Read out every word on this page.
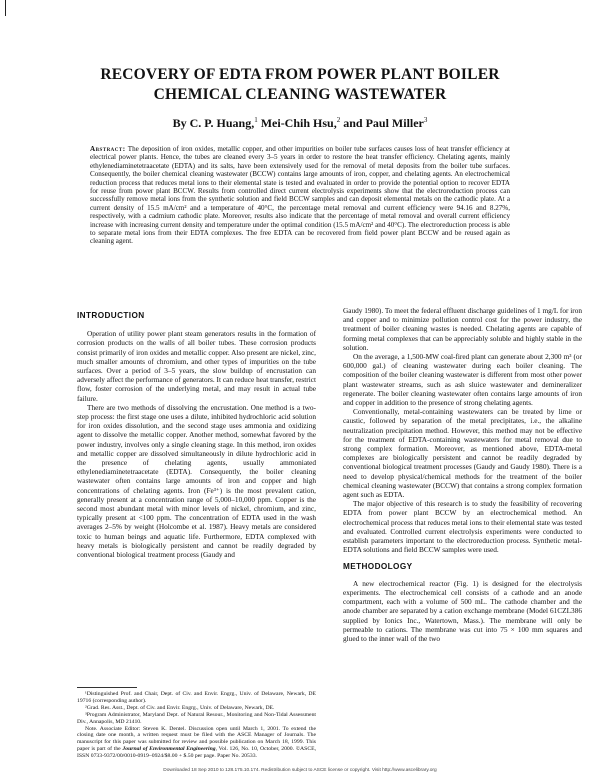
RECOVERY OF EDTA FROM POWER PLANT BOILER CHEMICAL CLEANING WASTEWATER
By C. P. Huang,$^1$ Mei-Chih Hsu,$^2$ and Paul Miller$^3$
Abstract: The deposition of iron oxides, metallic copper, and other impurities on boiler tube surfaces causes loss of heat transfer efficiency at electrical power plants. Hence, the tubes are cleaned every 3–5 years in order to restore the heat transfer efficiency. Chelating agents, mainly ethylenediaminetetraacetate (EDTA) and its salts, have been extensively used for the removal of metal deposits from the boiler tube surfaces. Consequently, the boiler chemical cleaning wastewater (BCCW) contains large amounts of iron, copper, and chelating agents. An electrochemical reduction process that reduces metal ions to their elemental state is tested and evaluated in order to provide the potential option to recover EDTA for reuse from power plant BCCW. Results from controlled direct current electrolysis experiments show that the electroreduction process can successfully remove metal ions from the synthetic solution and field BCCW samples and can deposit elemental metals on the cathodic plate. At a current density of 15.5 mA/cm² and a temperature of 40°C, the percentage metal removal and current efficiency were 94.16 and 8.27%, respectively, with a cadmium cathodic plate. Moreover, results also indicate that the percentage of metal removal and overall current efficiency increase with increasing current density and temperature under the optimal condition (15.5 mA/cm² and 40°C). The electroreduction process is able to separate metal ions from their EDTA complexes. The free EDTA can be recovered from field power plant BCCW and be reused again as cleaning agent.
INTRODUCTION

Operation of utility power plant steam generators results in the formation of corrosion products on the walls of all boiler tubes. These corrosion products consist primarily of iron oxides and metallic copper. Also present are nickel, zinc, much smaller amounts of chromium, and other types of impurities on the tube surfaces. Over a period of 3–5 years, the slow buildup of encrustation can adversely affect the performance of generators. It can reduce heat transfer, restrict flow, foster corrosion of the underlying metal, and may result in actual tube failure.

There are two methods of dissolving the encrustation. One method is a two-step process: the first stage one uses a dilute, inhibited hydrochloric acid solution for iron oxides dissolution, and the second stage uses ammonia and oxidizing agent to dissolve the metallic copper. Another method, somewhat favored by the power industry, involves only a single cleaning stage. In this method, iron oxides and metallic copper are dissolved simultaneously in dilute hydrochloric acid in the presence of chelating agents, usually ammoniated ethylenediaminetetraacetate (EDTA). Consequently, the boiler cleaning wastewater often contains large amounts of iron and copper and high concentrations of chelating agents. Iron (Fe³⁺) is the most prevalent cation, generally present at a concentration range of 5,000–10,000 ppm. Copper is the second most abundant metal with minor levels of nickel, chromium, and zinc, typically present at <100 ppm. The concentration of EDTA used in the wash averages 2–5% by weight (Holcombe et al. 1987). Heavy metals are considered toxic to human beings and aquatic life. Furthermore, EDTA complexed with heavy metals is biologically persistent and cannot be readily degraded by conventional biological treatment process (Gaudy and

¹Distinguished Prof. and Chair, Dept. of Civ. and Envir. Engrg., Univ. of Delaware, Newark, DE 19716 (corresponding author).

²Grad. Res. Asst., Dept. of Civ. and Envir. Engrg., Univ. of Delaware, Newark, DE.

³Program Administrator, Maryland Dept. of Natural Resour., Monitoring and Non-Tidal Assessment Div., Annapolis, MD 21410.

Note. Associate Editor: Steven K. Dentel. Discussion open until March 1, 2001. To extend the closing date one month, a written request must be filed with the ASCE Manager of Journals. The manuscript for this paper was submitted for review and possible publication on March 18, 1999. This paper is part of the Journal of Environmental Engineering, Vol. 126, No. 10, October, 2000. ©ASCE, ISSN 0733-9372/00/0010-0919–0924/$8.00 + $.50 per page. Paper No. 20533.

Gaudy 1980). To meet the federal effluent discharge guidelines of 1 mg/L for iron and copper and to minimize pollution control cost for the power industry, the treatment of boiler cleaning wastes is needed. Chelating agents are capable of forming metal complexes that can be appreciably soluble and highly stable in the solution.

On the average, a 1,500-MW coal-fired plant can generate about 2,300 m³ (or 600,000 gal.) of cleaning wastewater during each boiler cleaning. The composition of the boiler cleaning wastewater is different from most other power plant wastewater streams, such as ash sluice wastewater and demineralizer regenerate. The boiler cleaning wastewater often contains large amounts of iron and copper in addition to the presence of strong chelating agents.

Conventionally, metal-containing wastewaters can be treated by lime or caustic, followed by separation of the metal precipitates, i.e., the alkaline neutralization precipitation method. However, this method may not be effective for the treatment of EDTA-containing wastewaters for metal removal due to strong complex formation. Moreover, as mentioned above, EDTA-metal complexes are biologically persistent and cannot be readily degraded by conventional biological treatment processes (Gaudy and Gaudy 1980). There is a need to develop physical/chemical methods for the treatment of the boiler chemical cleaning wastewater (BCCW) that contains a strong complex formation agent such as EDTA.

The major objective of this research is to study the feasibility of recovering EDTA from power plant BCCW by an electrochemical method. An electrochemical process that reduces metal ions to their elemental state was tested and evaluated. Controlled current electrolysis experiments were conducted to establish parameters important to the electroreduction process. Synthetic metal-EDTA solutions and field BCCW samples were used.

METHODOLOGY

A new electrochemical reactor (Fig. 1) is designed for the electrolysis experiments. The electrochemical cell consists of a cathode and an anode compartment, each with a volume of 500 mL. The cathode chamber and the anode chamber are separated by a cation exchange membrane (Model 61CZL386 supplied by Ionics Inc., Watertown, Mass.). The membrane will only be permeable to cations. The membrane was cut into 75 × 100 mm squares and glued to the inner wall of the two

Downloaded 18 Sep 2010 to 128.175.10.174. Redistribution subject to ASCE license or copyright. Visit http://www.ascelibrary.org
